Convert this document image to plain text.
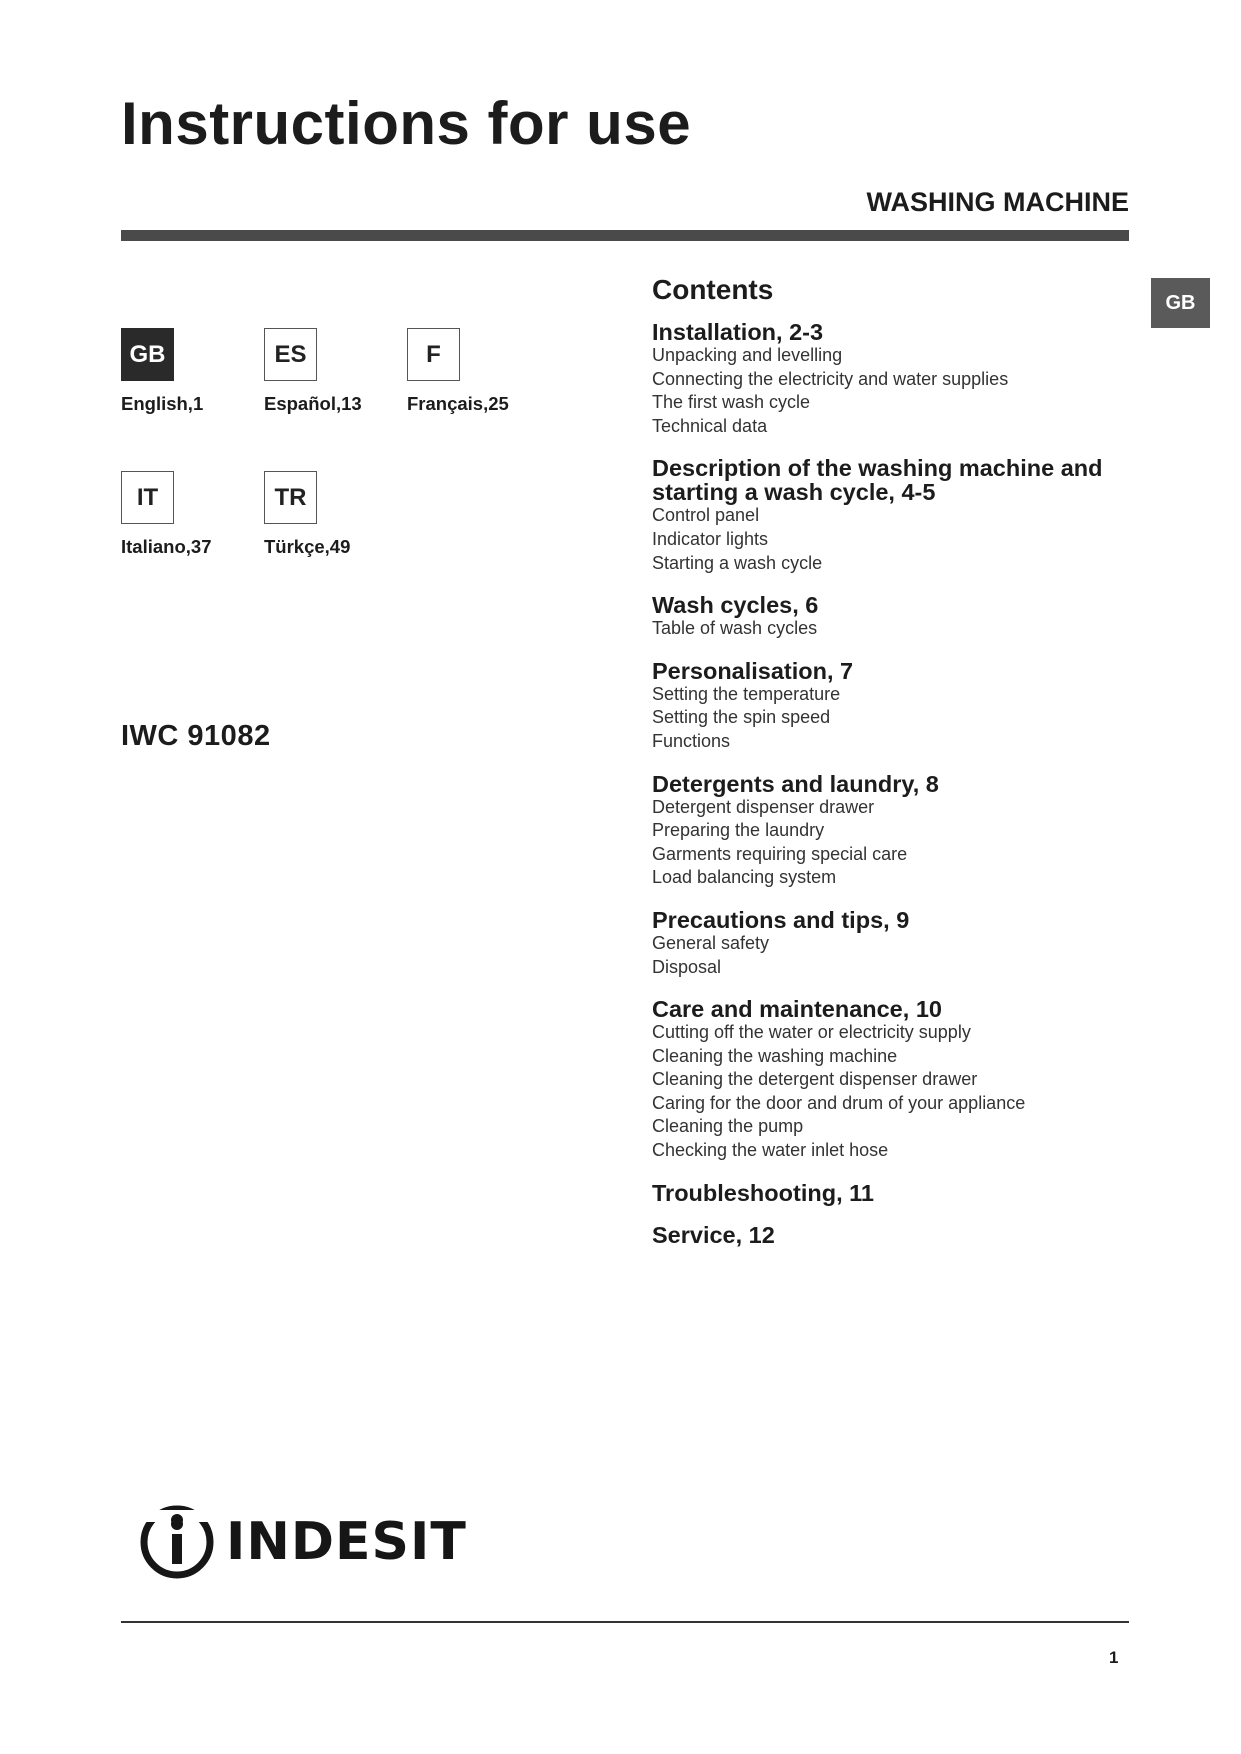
Instructions for use
WASHING MACHINE
GB
GB
English,1
ES
Español,13
F
Français,25
IT
Italiano,37
TR
Türkçe,49
IWC 91082
Contents

Installation, 2-3

Unpacking and levelling

Connecting the electricity and water supplies

The first wash cycle

Technical data

Description of the washing machine and starting a wash cycle, 4-5

Control panel

Indicator lights

Starting a wash cycle

Wash cycles, 6

Table of wash cycles

Personalisation, 7

Setting the temperature

Setting the spin speed

Functions

Detergents and laundry, 8

Detergent dispenser drawer

Preparing the laundry

Garments requiring special care

Load balancing system

Precautions and tips, 9

General safety

Disposal

Care and maintenance, 10

Cutting off the water or electricity supply

Cleaning the washing machine

Cleaning the detergent dispenser drawer

Caring for the door and drum of your appliance

Cleaning the pump

Checking the water inlet hose

Troubleshooting, 11

Service, 12

INDESIT
1
